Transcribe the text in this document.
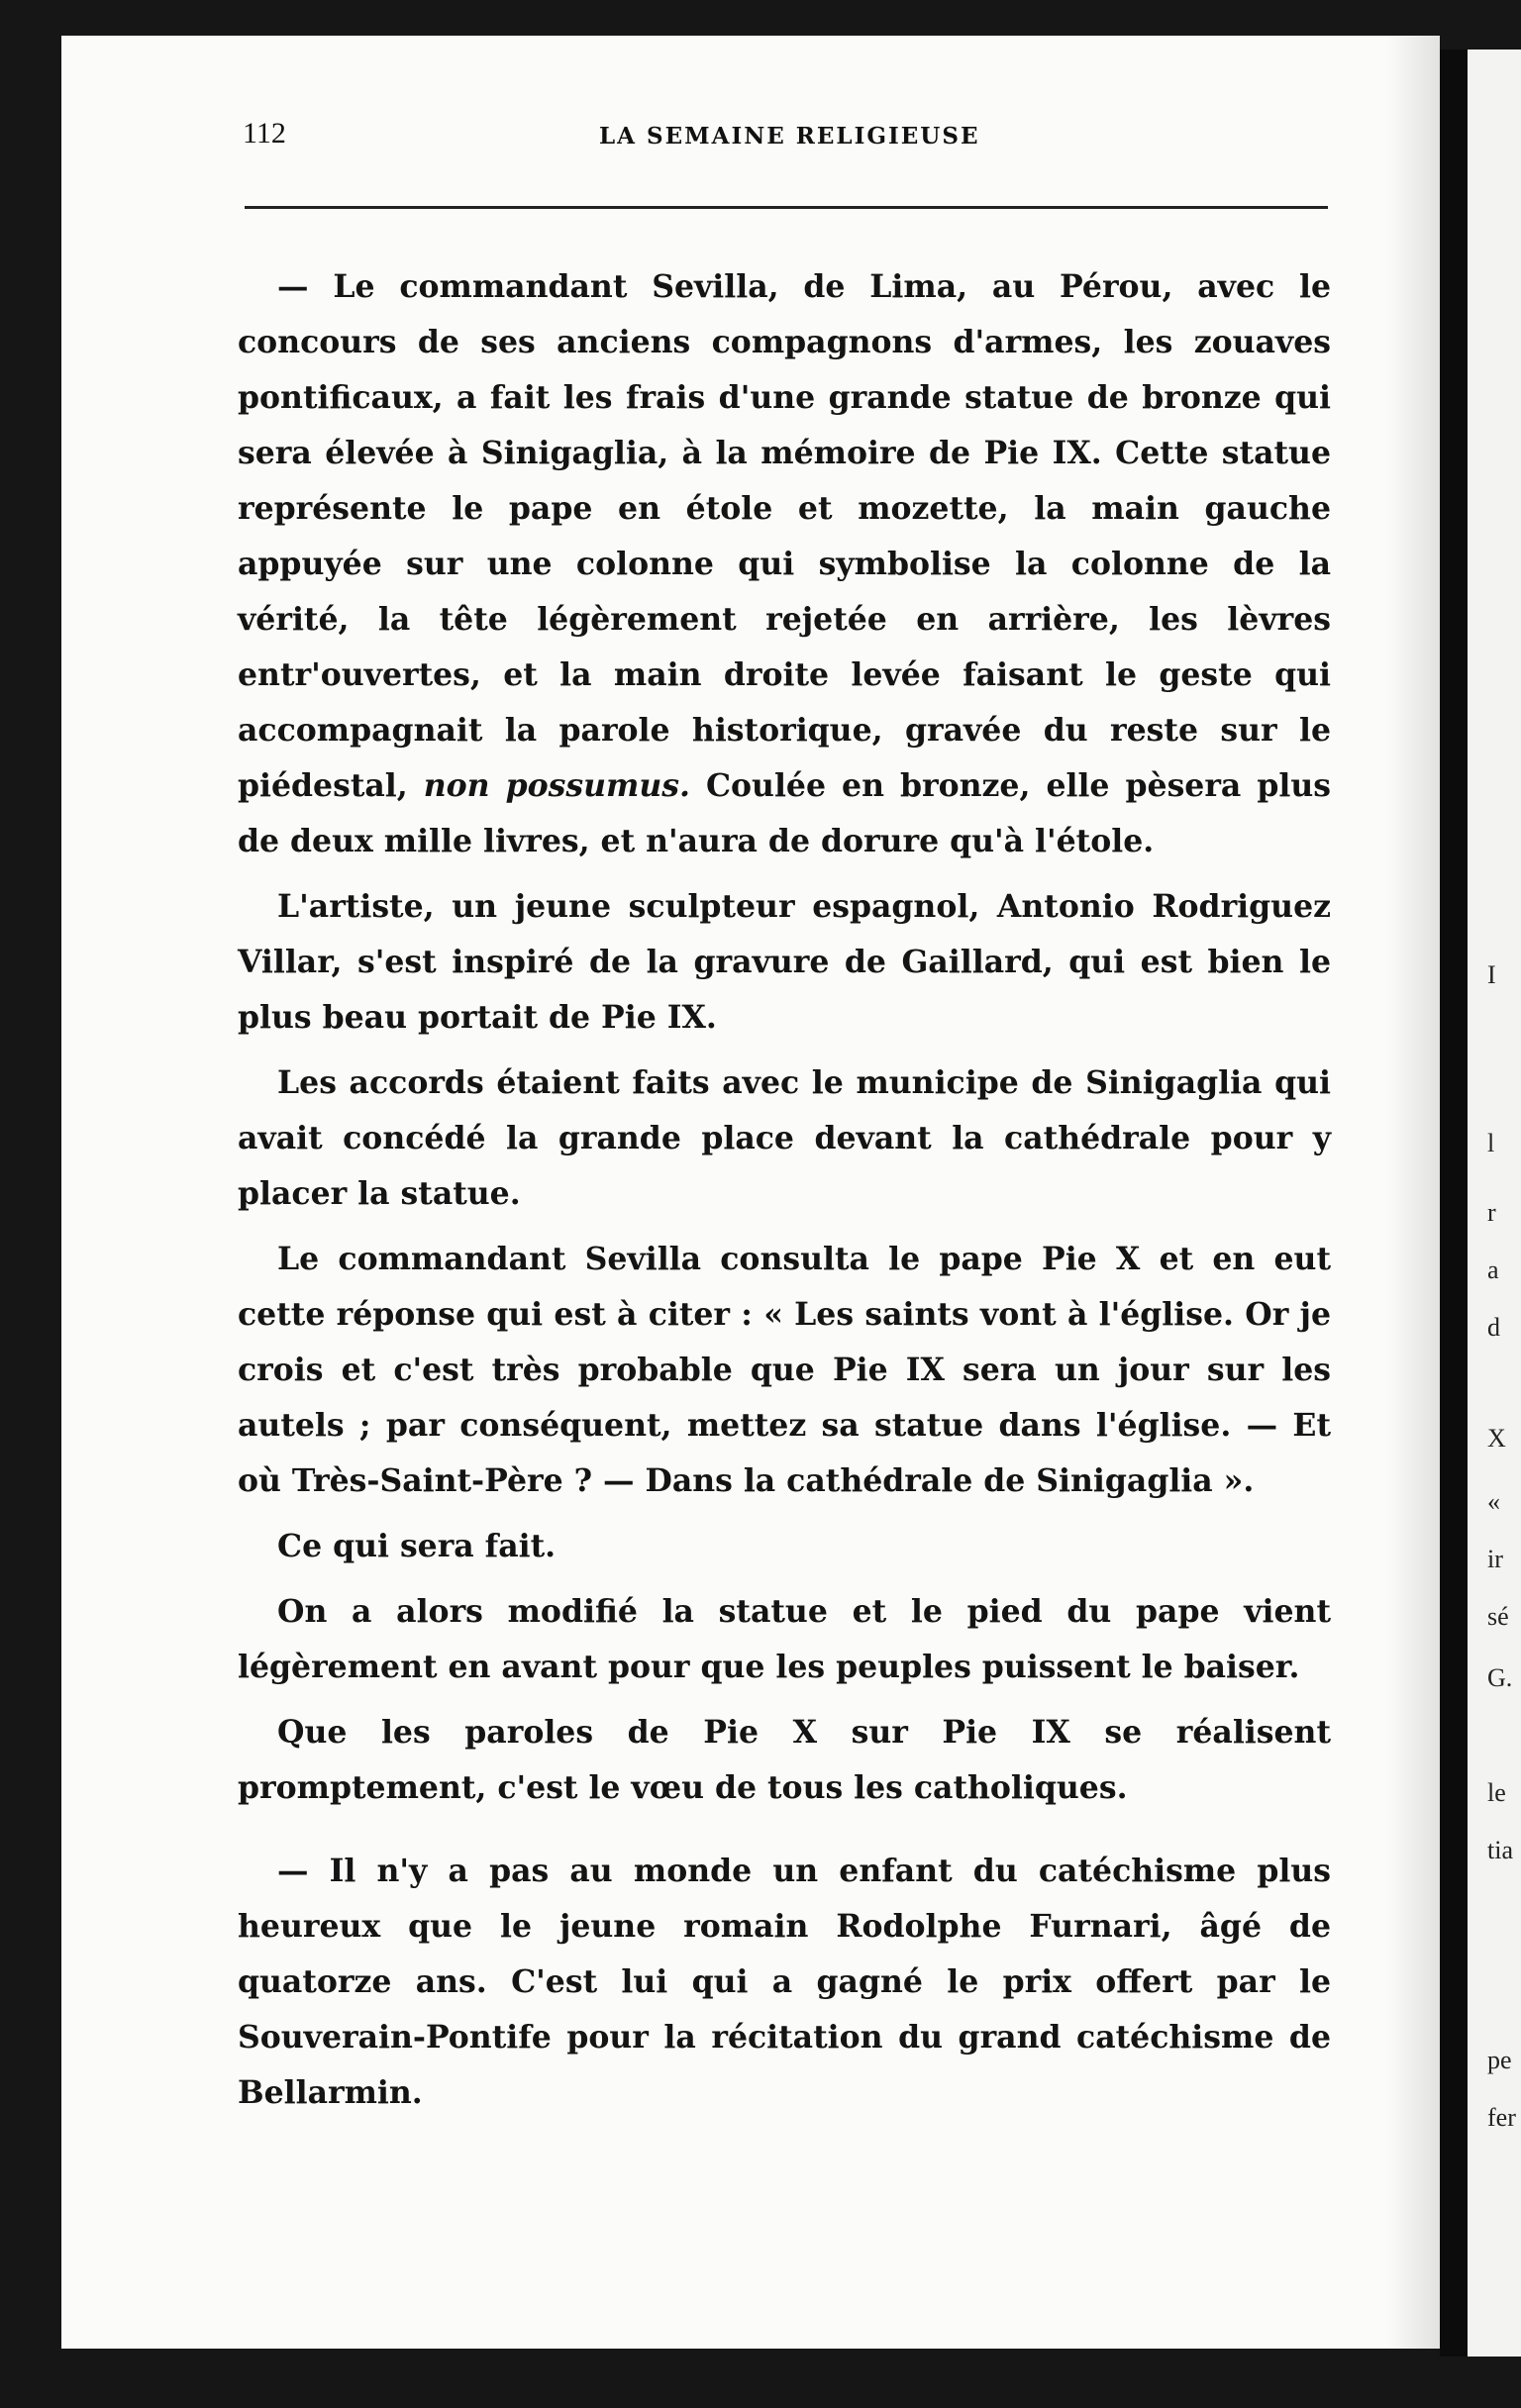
I
l
r
a
d
X
«
ir
sé
G.
le
tia
pe
fer
112	LA SEMAINE RELIGIEUSE

— Le commandant Sevilla, de Lima, au Pérou, avec le concours de ses anciens compagnons d'armes, les zouaves pontificaux, a fait les frais d'une grande statue de bronze qui sera élevée à Sinigaglia, à la mémoire de Pie IX. Cette statue représente le pape en étole et mozette, la main gauche appuyée sur une colonne qui symbolise la colonne de la vérité, la tête légèrement rejetée en arrière, les lèvres entr'ouvertes, et la main droite levée faisant le geste qui accompagnait la parole historique, gravée du reste sur le piédestal, non possumus. Coulée en bronze, elle pèsera plus de deux mille livres, et n'aura de dorure qu'à l'étole.

L'artiste, un jeune sculpteur espagnol, Antonio Rodriguez Villar, s'est inspiré de la gravure de Gaillard, qui est bien le plus beau portait de Pie IX.

Les accords étaient faits avec le municipe de Sinigaglia qui avait concédé la grande place devant la cathédrale pour y placer la statue.

Le commandant Sevilla consulta le pape Pie X et en eut cette réponse qui est à citer : « Les saints vont à l'église. Or je crois et c'est très probable que Pie IX sera un jour sur les autels ; par conséquent, mettez sa statue dans l'église. — Et où Très-Saint-Père ? — Dans la cathédrale de Sinigaglia ».

Ce qui sera fait.

On a alors modifié la statue et le pied du pape vient légèrement en avant pour que les peuples puissent le baiser.

Que les paroles de Pie X sur Pie IX se réalisent promptement, c'est le vœu de tous les catholiques.

— Il n'y a pas au monde un enfant du catéchisme plus heureux que le jeune romain Rodolphe Furnari, âgé de quatorze ans. C'est lui qui a gagné le prix offert par le Souverain-Pontife pour la récitation du grand catéchisme de Bellarmin.
